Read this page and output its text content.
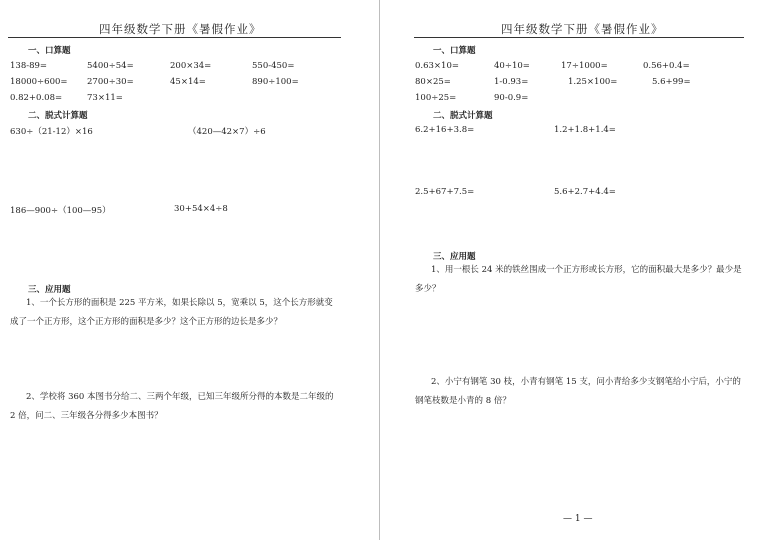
四年级数学下册《暑假作业》
一、口算题
138-89=	5400÷54=	200×34=	550-450=
18000÷600= 2700÷30=	45×14=	890÷100=
0.82+0.08=	73×11=
二、脱式计算题
630÷（21-12）×16	（420—42×7）÷6
186—900÷（100—95）	30+54×4÷8
三、应用题
1、一个长方形的面积是 225 平方米，如果长除以 5，宽乘以 5，这个长方形就变成了一个正方形，这个正方形的面积是多少？这个正方形的边长是多少？
2、学校将 360 本图书分给二、三两个年级，已知三年级所分得的本数是二年级的 2 倍，问二、三年级各分得多少本图书？
四年级数学下册《暑假作业》
一、口算题
0.63×10=	40÷10=	17÷1000=	0.56+0.4=
80×25=	1-0.93=	1.25×100=	5.6+99=
100÷25=	90-0.9=
二、脱式计算题
6.2+16+3.8=	1.2+1.8+1.4=
2.5+67+7.5=	5.6+2.7+4.4=
三、应用题
1、用一根长 24 米的铁丝围成一个正方形或长方形，它的面积最大是多少？最少是多少？
2、小宁有钢笔 30 枝，小青有钢笔 15 支，问小青给多少支钢笔给小宁后，小宁的钢笔枝数是小青的 8 倍？
— 1 —
